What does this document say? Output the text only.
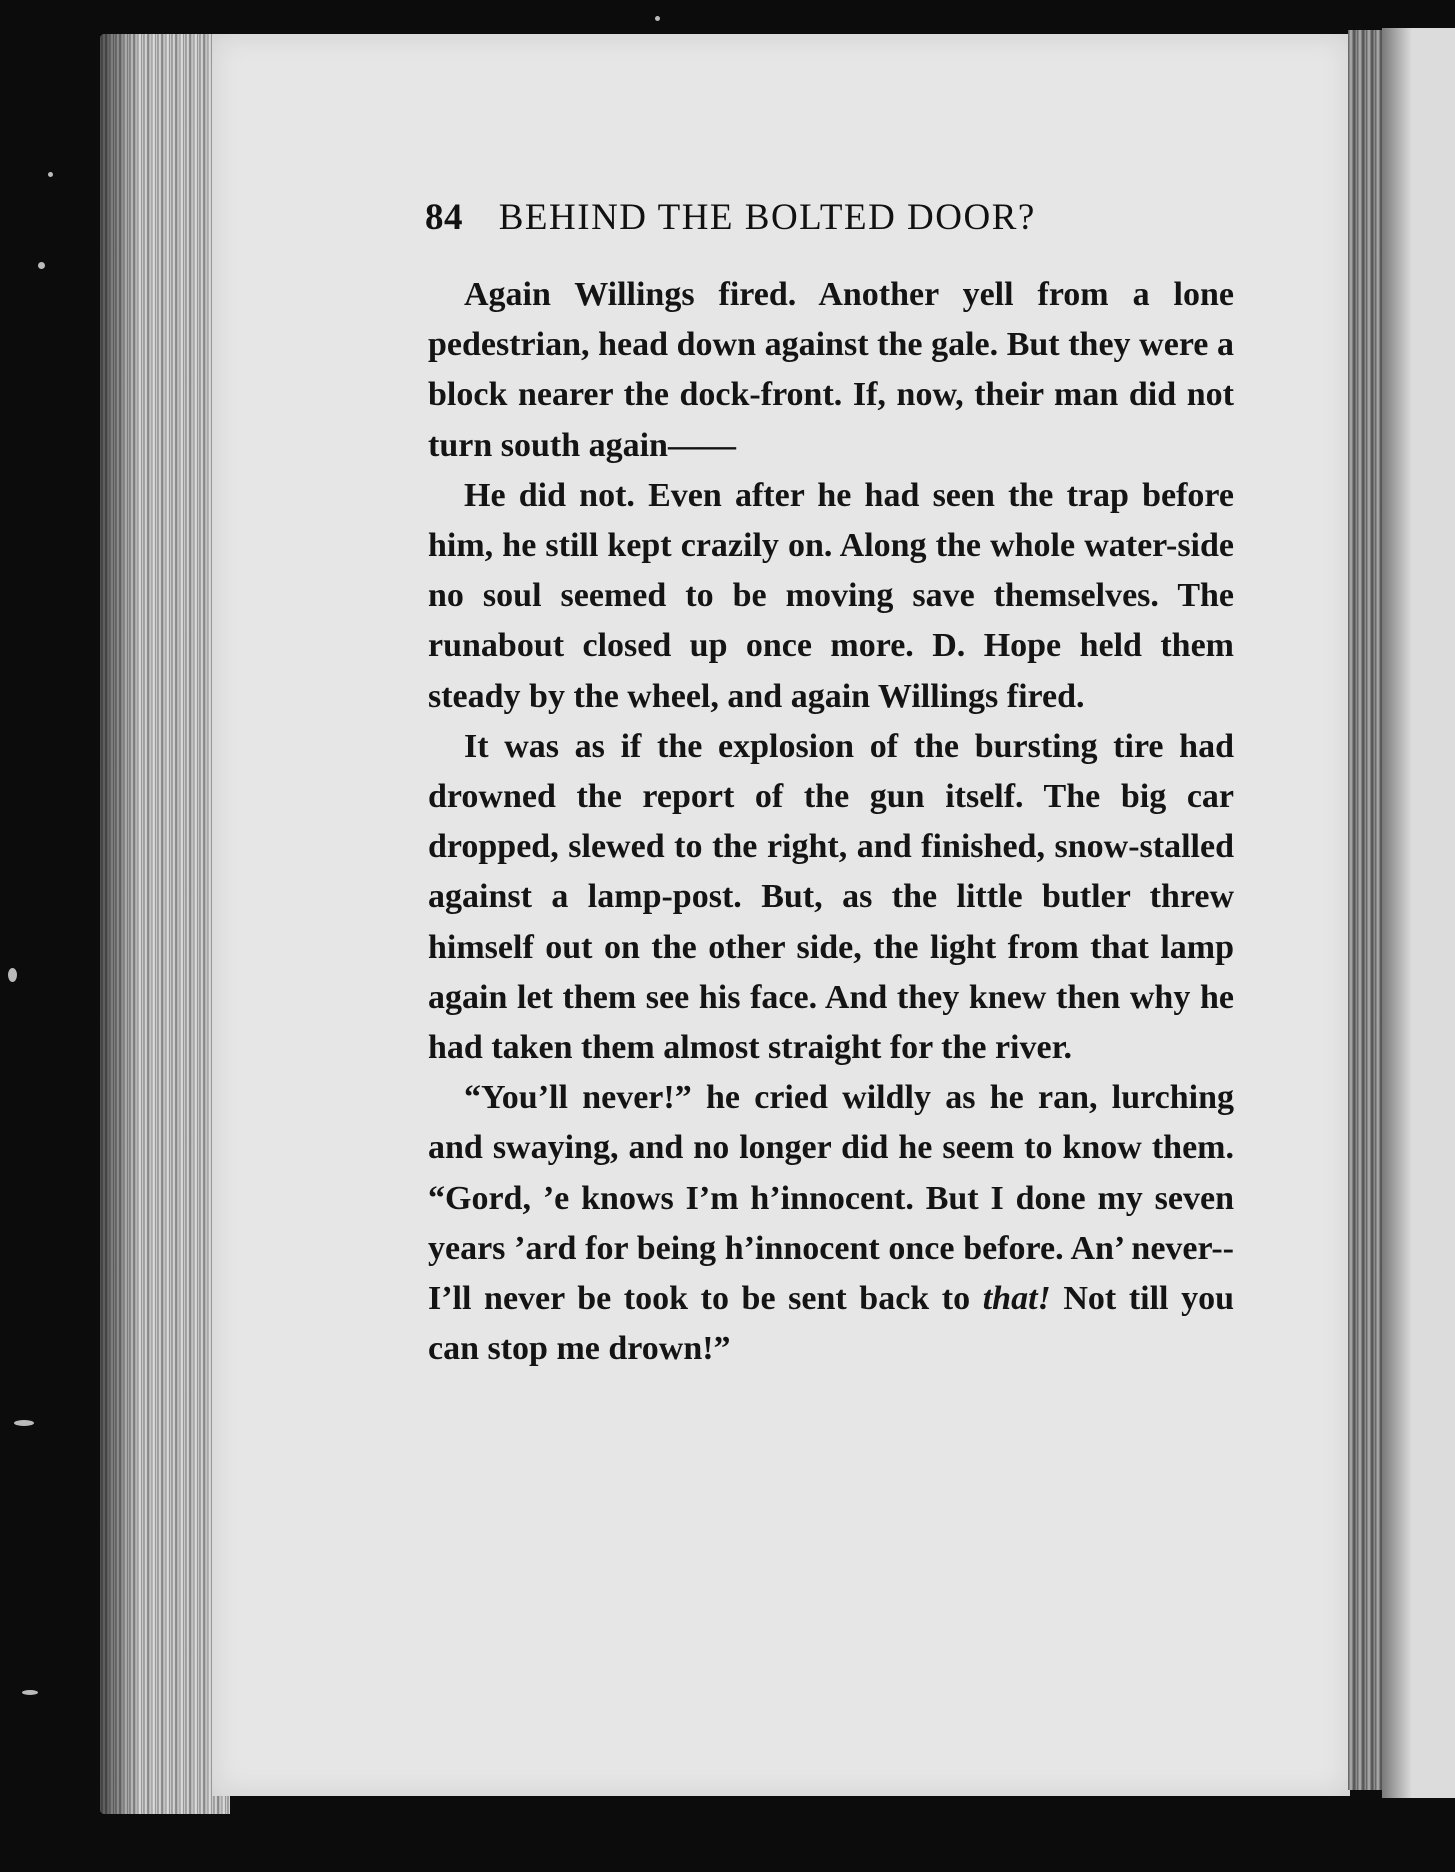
84 BEHIND THE BOLTED DOOR?

Again Willings fired. Another yell from a lone pedestrian, head down against the gale. But they were a block nearer the dock-front. If, now, their man did not turn south again——

He did not. Even after he had seen the trap before him, he still kept crazily on. Along the whole water-side no soul seemed to be moving save themselves. The runabout closed up once more. D. Hope held them steady by the wheel, and again Willings fired.

It was as if the explosion of the bursting tire had drowned the report of the gun itself. The big car dropped, slewed to the right, and finished, snow-stalled against a lamp-post. But, as the little butler threw himself out on the other side, the light from that lamp again let them see his face. And they knew then why he had taken them almost straight for the river.

“You’ll never!” he cried wildly as he ran, lurching and swaying, and no longer did he seem to know them. “Gord, ’e knows I’m h’innocent. But I done my seven years ’ard for being h’innocent once before. An’ never--I’ll never be took to be sent back to that! Not till you can stop me drown!”
